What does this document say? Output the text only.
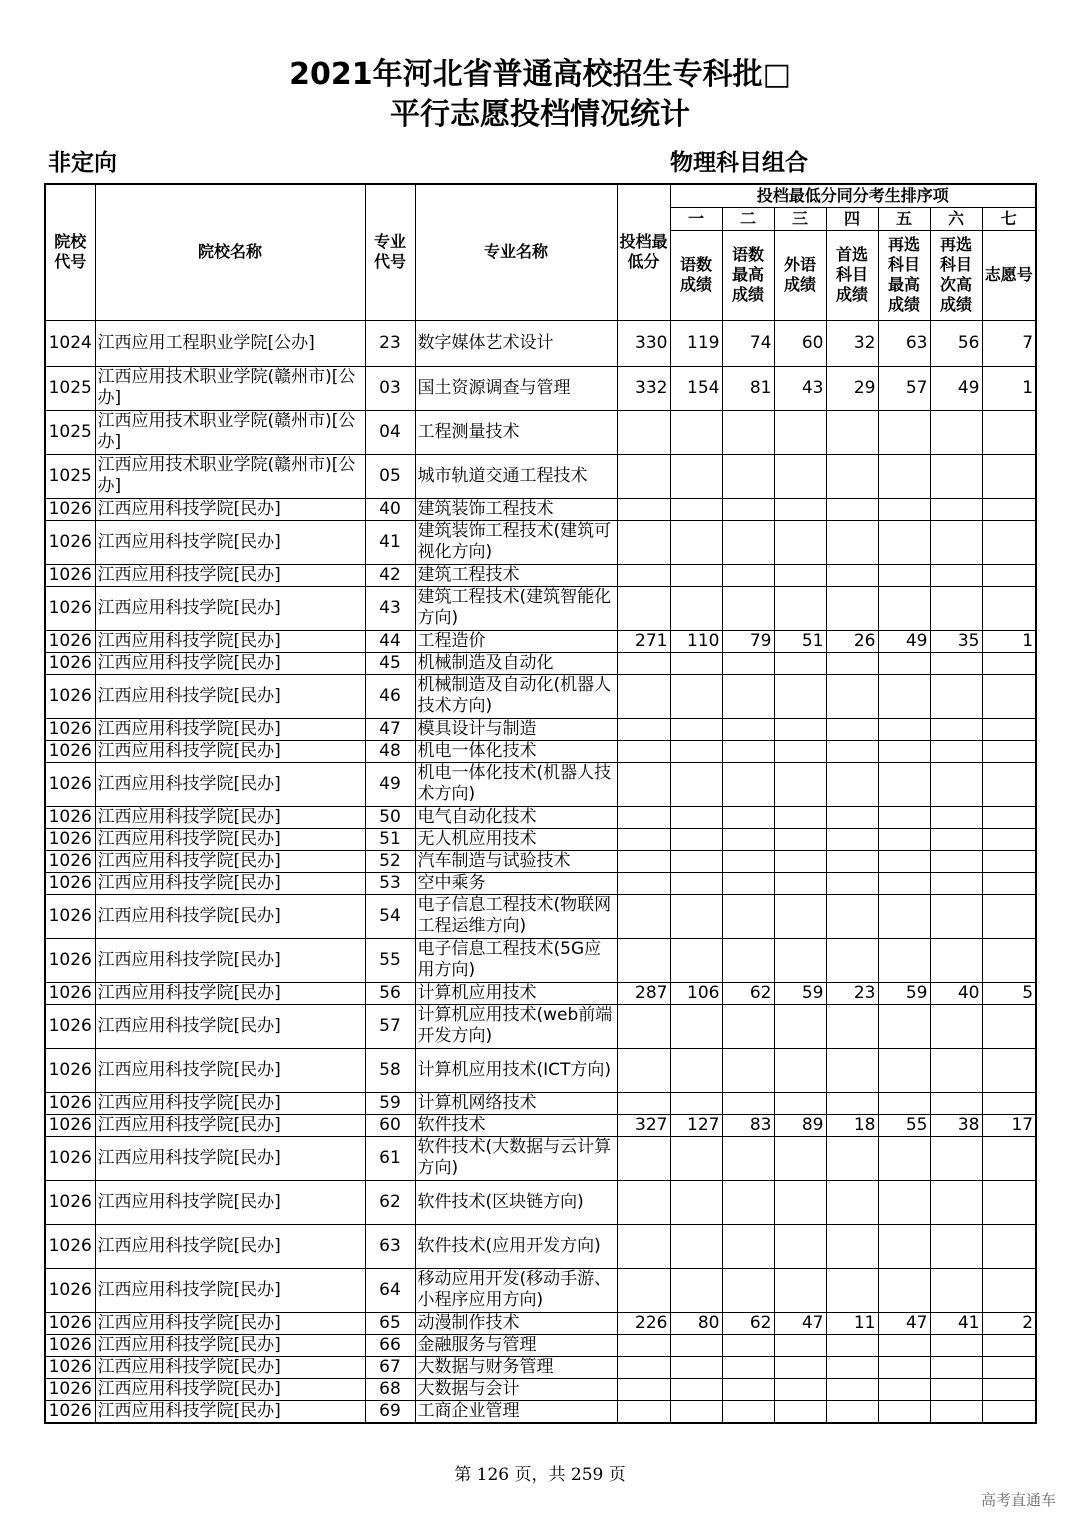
2021年河北省普通高校招生专科批□
平行志愿投档情况统计
非定向	物理科目组合
院校代号	院校名称	专业代号	专业名称	投档最低分	投档最低分同分考生排序项						
					一	二	三	四	五	六	七
					语数成绩	语数最高成绩	外语成绩	首选科目成绩	再选科目最高成绩	再选科目次高成绩	志愿号
1024	江西应用工程职业学院[公办]	23	数字媒体艺术设计	330	119	74	60	32	63	56	7
1025	江西应用技术职业学院(赣州市)[公办]	03	国土资源调查与管理	332	154	81	43	29	57	49	1
1025	江西应用技术职业学院(赣州市)[公办]	04	工程测量技术								
1025	江西应用技术职业学院(赣州市)[公办]	05	城市轨道交通工程技术								
1026	江西应用科技学院[民办]	40	建筑装饰工程技术								
1026	江西应用科技学院[民办]	41	建筑装饰工程技术(建筑可视化方向)								
1026	江西应用科技学院[民办]	42	建筑工程技术								
1026	江西应用科技学院[民办]	43	建筑工程技术(建筑智能化方向)								
1026	江西应用科技学院[民办]	44	工程造价	271	110	79	51	26	49	35	1
1026	江西应用科技学院[民办]	45	机械制造及自动化								
1026	江西应用科技学院[民办]	46	机械制造及自动化(机器人技术方向)								
1026	江西应用科技学院[民办]	47	模具设计与制造								
1026	江西应用科技学院[民办]	48	机电一体化技术								
1026	江西应用科技学院[民办]	49	机电一体化技术(机器人技术方向)								
1026	江西应用科技学院[民办]	50	电气自动化技术								
1026	江西应用科技学院[民办]	51	无人机应用技术								
1026	江西应用科技学院[民办]	52	汽车制造与试验技术								
1026	江西应用科技学院[民办]	53	空中乘务								
1026	江西应用科技学院[民办]	54	电子信息工程技术(物联网工程运维方向)								
1026	江西应用科技学院[民办]	55	电子信息工程技术(5G应用方向)								
1026	江西应用科技学院[民办]	56	计算机应用技术	287	106	62	59	23	59	40	5
1026	江西应用科技学院[民办]	57	计算机应用技术(web前端开发方向)								
1026	江西应用科技学院[民办]	58	计算机应用技术(ICT方向)								
1026	江西应用科技学院[民办]	59	计算机网络技术								
1026	江西应用科技学院[民办]	60	软件技术	327	127	83	89	18	55	38	17
1026	江西应用科技学院[民办]	61	软件技术(大数据与云计算方向)								
1026	江西应用科技学院[民办]	62	软件技术(区块链方向)								
1026	江西应用科技学院[民办]	63	软件技术(应用开发方向)								
1026	江西应用科技学院[民办]	64	移动应用开发(移动手游、小程序应用方向)								
1026	江西应用科技学院[民办]	65	动漫制作技术	226	80	62	47	11	47	41	2
1026	江西应用科技学院[民办]	66	金融服务与管理								
1026	江西应用科技学院[民办]	67	大数据与财务管理								
1026	江西应用科技学院[民办]	68	大数据与会计								
1026	江西应用科技学院[民办]	69	工商企业管理								
第 126 页，共 259 页
高考直通车
